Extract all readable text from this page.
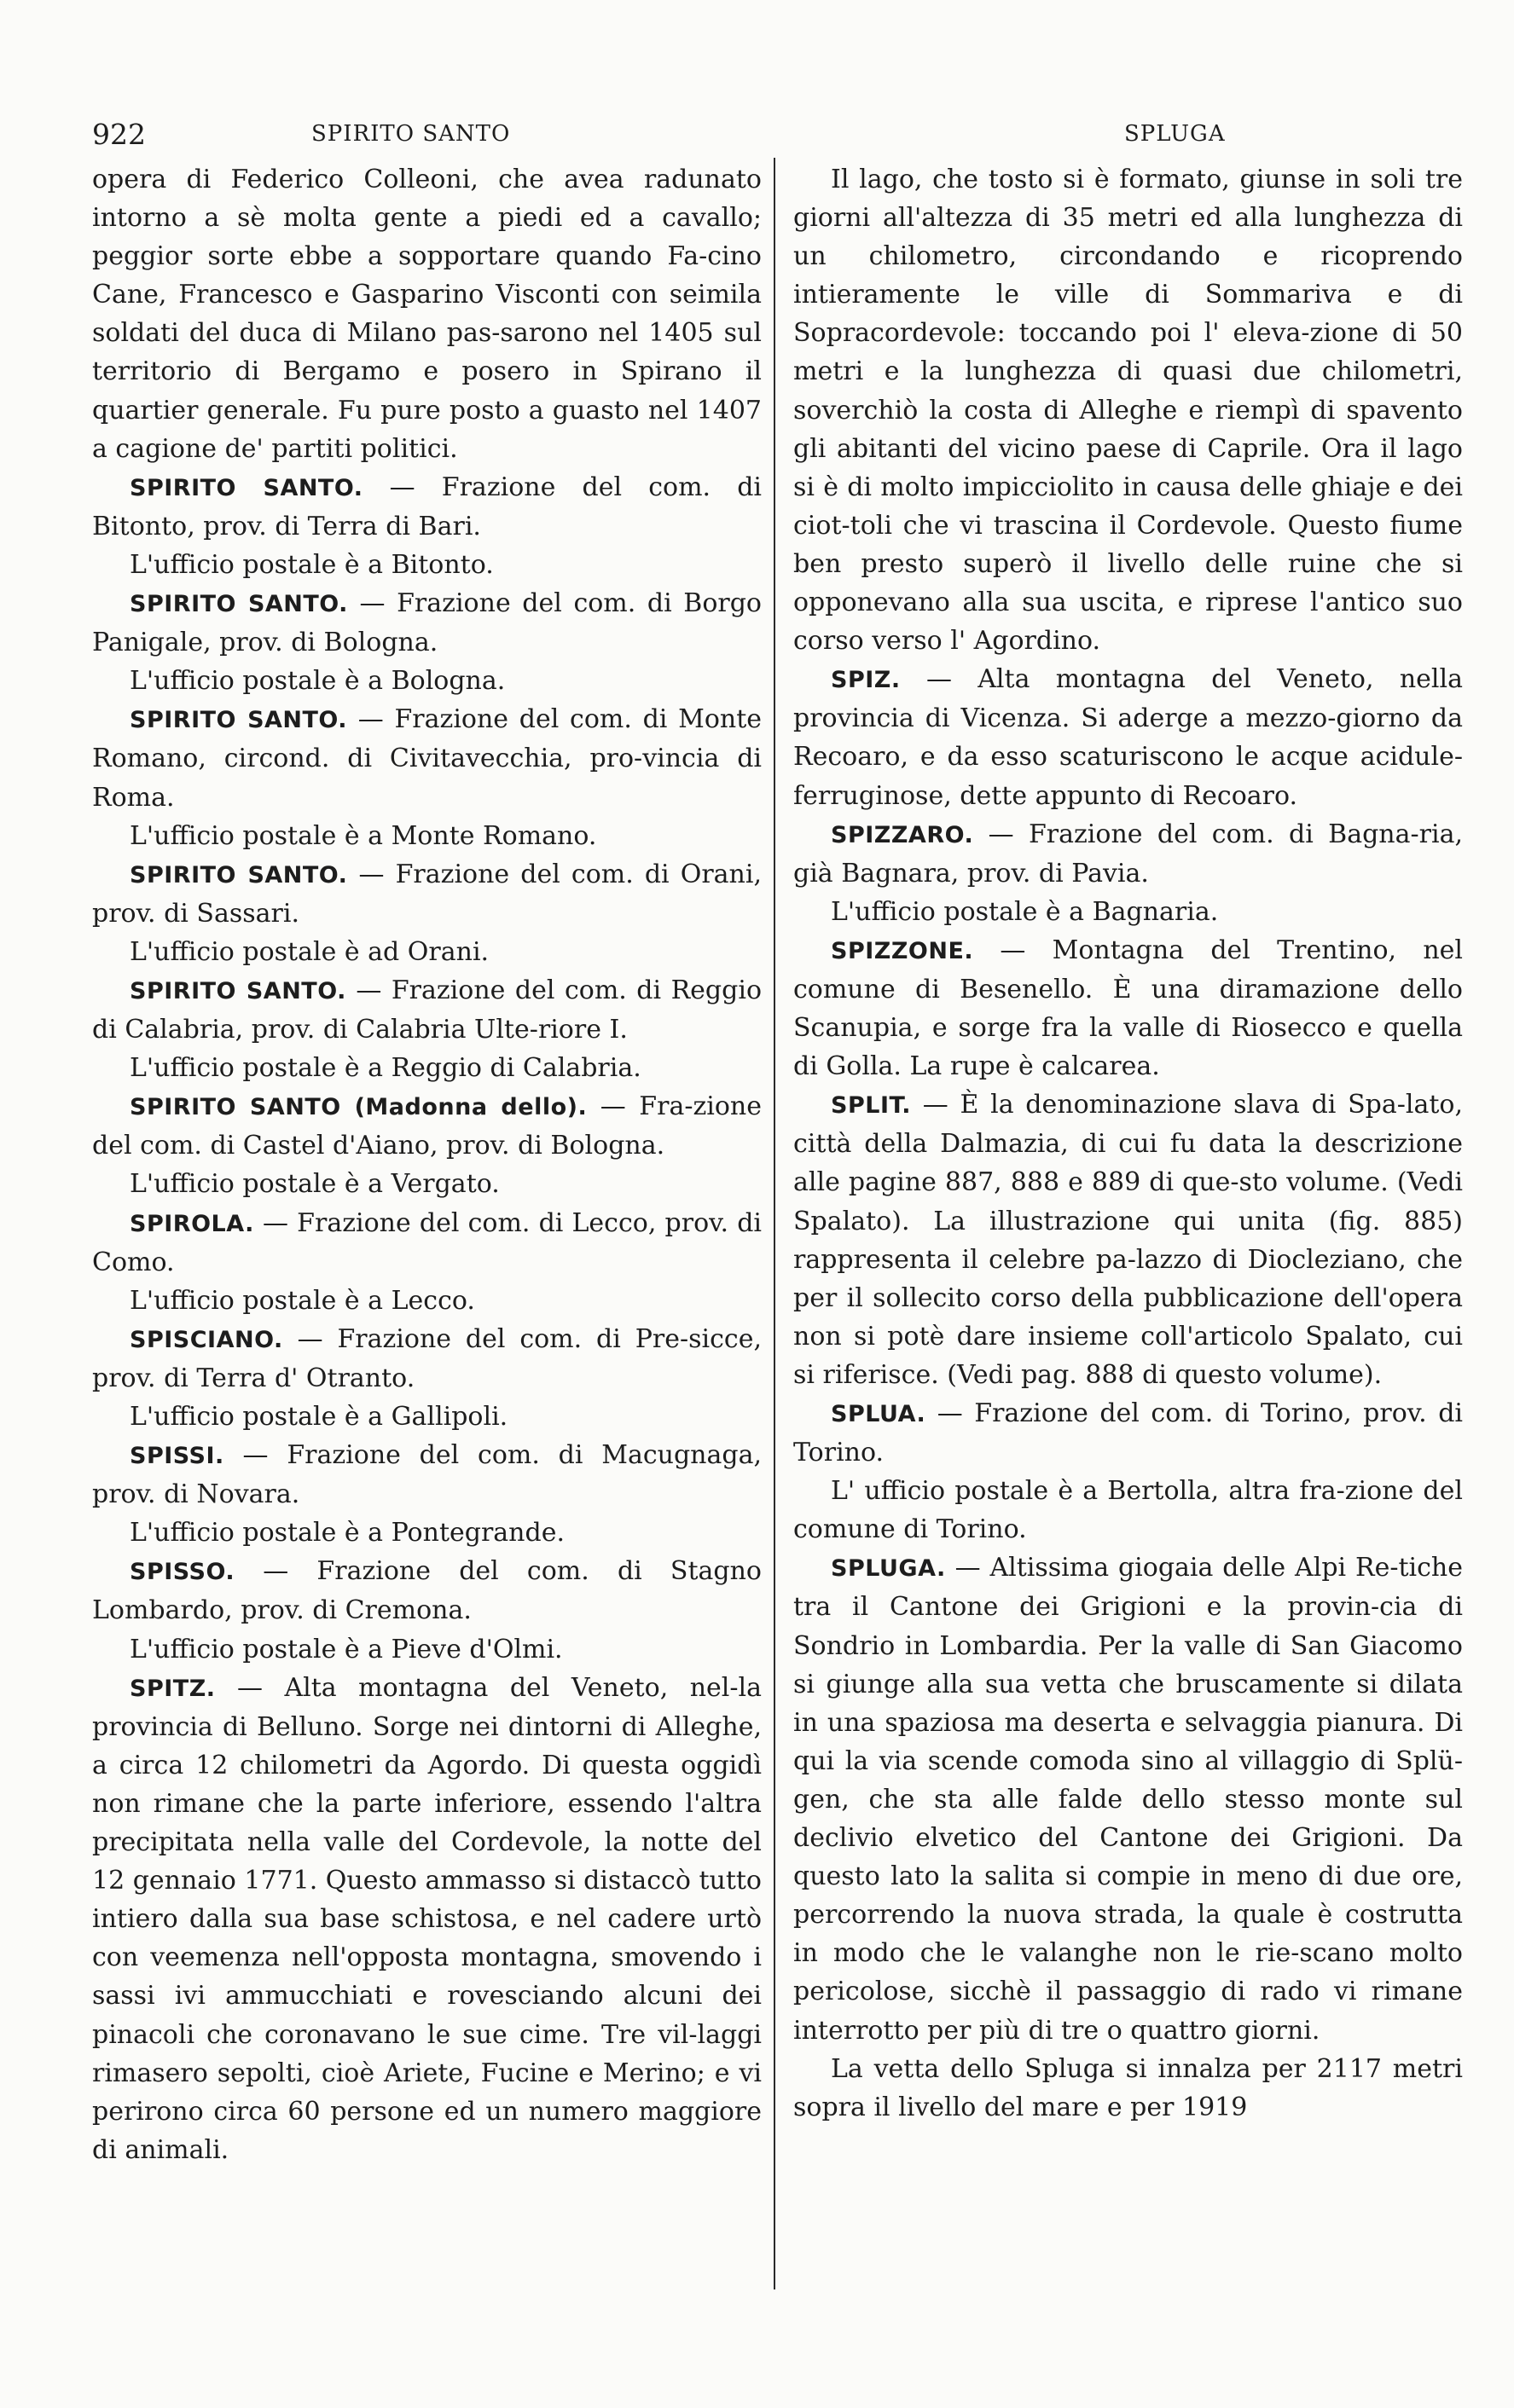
922	SPIRITO SANTO	SPLUGA

opera di Federico Colleoni, che avea radunato intorno a sè molta gente a piedi ed a cavallo; peggior sorte ebbe a sopportare quando Fa-cino Cane, Francesco e Gasparino Visconti con seimila soldati del duca di Milano pas-sarono nel 1405 sul territorio di Bergamo e posero in Spirano il quartier generale. Fu pure posto a guasto nel 1407 a cagione de' partiti politici.

SPIRITO SANTO. — Frazione del com. di Bitonto, prov. di Terra di Bari.

L'ufficio postale è a Bitonto.

SPIRITO SANTO. — Frazione del com. di Borgo Panigale, prov. di Bologna.

L'ufficio postale è a Bologna.

SPIRITO SANTO. — Frazione del com. di Monte Romano, circond. di Civitavecchia, pro-vincia di Roma.

L'ufficio postale è a Monte Romano.

SPIRITO SANTO. — Frazione del com. di Orani, prov. di Sassari.

L'ufficio postale è ad Orani.

SPIRITO SANTO. — Frazione del com. di Reggio di Calabria, prov. di Calabria Ulte-riore I.

L'ufficio postale è a Reggio di Calabria.

SPIRITO SANTO (Madonna dello). — Fra-zione del com. di Castel d'Aiano, prov. di Bologna.

L'ufficio postale è a Vergato.

SPIROLA. — Frazione del com. di Lecco, prov. di Como.

L'ufficio postale è a Lecco.

SPISCIANO. — Frazione del com. di Pre-sicce, prov. di Terra d' Otranto.

L'ufficio postale è a Gallipoli.

SPISSI. — Frazione del com. di Macugnaga, prov. di Novara.

L'ufficio postale è a Pontegrande.

SPISSO. — Frazione del com. di Stagno Lombardo, prov. di Cremona.

L'ufficio postale è a Pieve d'Olmi.

SPITZ. — Alta montagna del Veneto, nel-la provincia di Belluno. Sorge nei dintorni di Alleghe, a circa 12 chilometri da Agordo. Di questa oggidì non rimane che la parte inferiore, essendo l'altra precipitata nella valle del Cordevole, la notte del 12 gennaio 1771. Questo ammasso si distaccò tutto intiero dalla sua base schistosa, e nel cadere urtò con veemenza nell'opposta montagna, smovendo i sassi ivi ammucchiati e rovesciando alcuni dei pinacoli che coronavano le sue cime. Tre vil-laggi rimasero sepolti, cioè Ariete, Fucine e Merino; e vi perirono circa 60 persone ed un numero maggiore di animali.

Il lago, che tosto si è formato, giunse in soli tre giorni all'altezza di 35 metri ed alla lunghezza di un chilometro, circondando e ricoprendo intieramente le ville di Sommariva e di Sopracordevole: toccando poi l' eleva-zione di 50 metri e la lunghezza di quasi due chilometri, soverchiò la costa di Alleghe e riempì di spavento gli abitanti del vicino paese di Caprile. Ora il lago si è di molto impicciolito in causa delle ghiaje e dei ciot-toli che vi trascina il Cordevole. Questo fiume ben presto superò il livello delle ruine che si opponevano alla sua uscita, e riprese l'antico suo corso verso l' Agordino.

SPIZ. — Alta montagna del Veneto, nella provincia di Vicenza. Si aderge a mezzo-giorno da Recoaro, e da esso scaturiscono le acque acidule-ferruginose, dette appunto di Recoaro.

SPIZZARO. — Frazione del com. di Bagna-ria, già Bagnara, prov. di Pavia.

L'ufficio postale è a Bagnaria.

SPIZZONE. — Montagna del Trentino, nel comune di Besenello. È una diramazione dello Scanupia, e sorge fra la valle di Riosecco e quella di Golla. La rupe è calcarea.

SPLIT. — È la denominazione slava di Spa-lato, città della Dalmazia, di cui fu data la descrizione alle pagine 887, 888 e 889 di que-sto volume. (Vedi Spalato). La illustrazione qui unita (fig. 885) rappresenta il celebre pa-lazzo di Diocleziano, che per il sollecito corso della pubblicazione dell'opera non si potè dare insieme coll'articolo Spalato, cui si riferisce. (Vedi pag. 888 di questo volume).

SPLUA. — Frazione del com. di Torino, prov. di Torino.

L' ufficio postale è a Bertolla, altra fra-zione del comune di Torino.

SPLUGA. — Altissima giogaia delle Alpi Re-tiche tra il Cantone dei Grigioni e la provin-cia di Sondrio in Lombardia. Per la valle di San Giacomo si giunge alla sua vetta che bruscamente si dilata in una spaziosa ma deserta e selvaggia pianura. Di qui la via scende comoda sino al villaggio di Splü-gen, che sta alle falde dello stesso monte sul declivio elvetico del Cantone dei Grigioni. Da questo lato la salita si compie in meno di due ore, percorrendo la nuova strada, la quale è costrutta in modo che le valanghe non le rie-scano molto pericolose, sicchè il passaggio di rado vi rimane interrotto per più di tre o quattro giorni.

La vetta dello Spluga si innalza per 2117 metri sopra il livello del mare e per 1919
